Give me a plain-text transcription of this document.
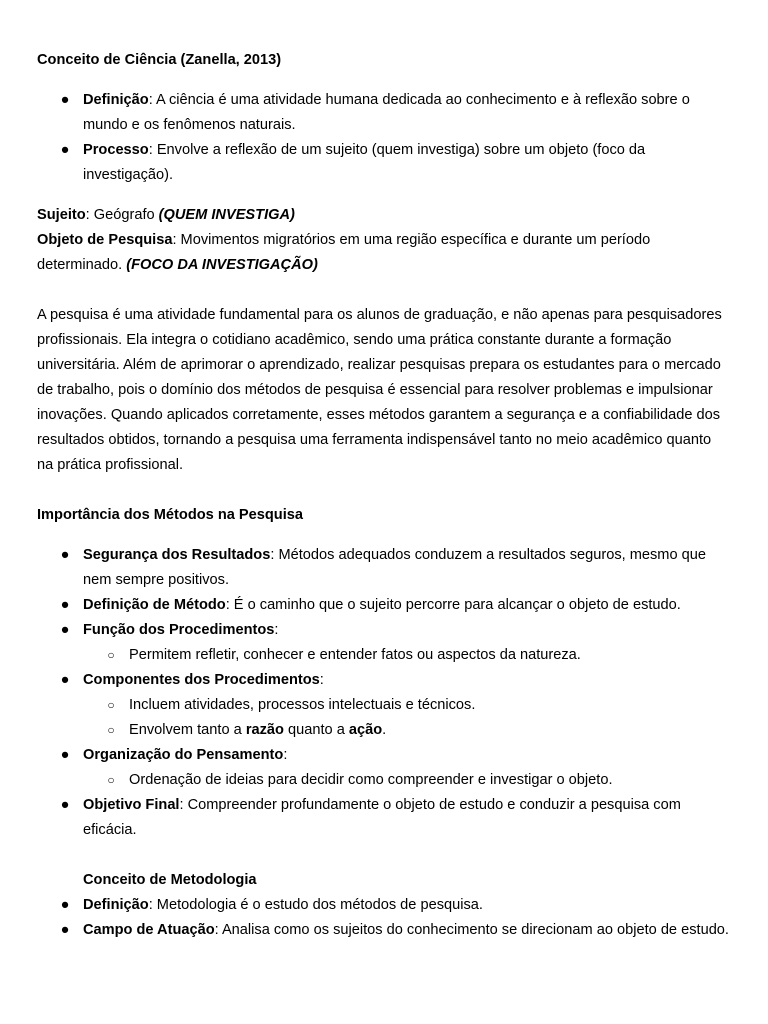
Conceito de Ciência (Zanella, 2013)
● Definição: A ciência é uma atividade humana dedicada ao conhecimento e à reflexão sobre o mundo e os fenômenos naturais.
● Processo: Envolve a reflexão de um sujeito (quem investiga) sobre um objeto (foco da investigação).
Sujeito: Geógrafo (QUEM INVESTIGA)
Objeto de Pesquisa: Movimentos migratórios em uma região específica e durante um período determinado. (FOCO DA INVESTIGAÇÃO)
A pesquisa é uma atividade fundamental para os alunos de graduação, e não apenas para pesquisadores profissionais. Ela integra o cotidiano acadêmico, sendo uma prática constante durante a formação universitária. Além de aprimorar o aprendizado, realizar pesquisas prepara os estudantes para o mercado de trabalho, pois o domínio dos métodos de pesquisa é essencial para resolver problemas e impulsionar inovações. Quando aplicados corretamente, esses métodos garantem a segurança e a confiabilidade dos resultados obtidos, tornando a pesquisa uma ferramenta indispensável tanto no meio acadêmico quanto na prática profissional.
Importância dos Métodos na Pesquisa
● Segurança dos Resultados: Métodos adequados conduzem a resultados seguros, mesmo que nem sempre positivos.
● Definição de Método: É o caminho que o sujeito percorre para alcançar o objeto de estudo.
● Função dos Procedimentos:
○ Permitem refletir, conhecer e entender fatos ou aspectos da natureza.
● Componentes dos Procedimentos:
○ Incluem atividades, processos intelectuais e técnicos.
○ Envolvem tanto a razão quanto a ação.
● Organização do Pensamento:
○ Ordenação de ideias para decidir como compreender e investigar o objeto.
● Objetivo Final: Compreender profundamente o objeto de estudo e conduzir a pesquisa com eficácia.
Conceito de Metodologia
● Definição: Metodologia é o estudo dos métodos de pesquisa.
● Campo de Atuação: Analisa como os sujeitos do conhecimento se direcionam ao objeto de estudo.
